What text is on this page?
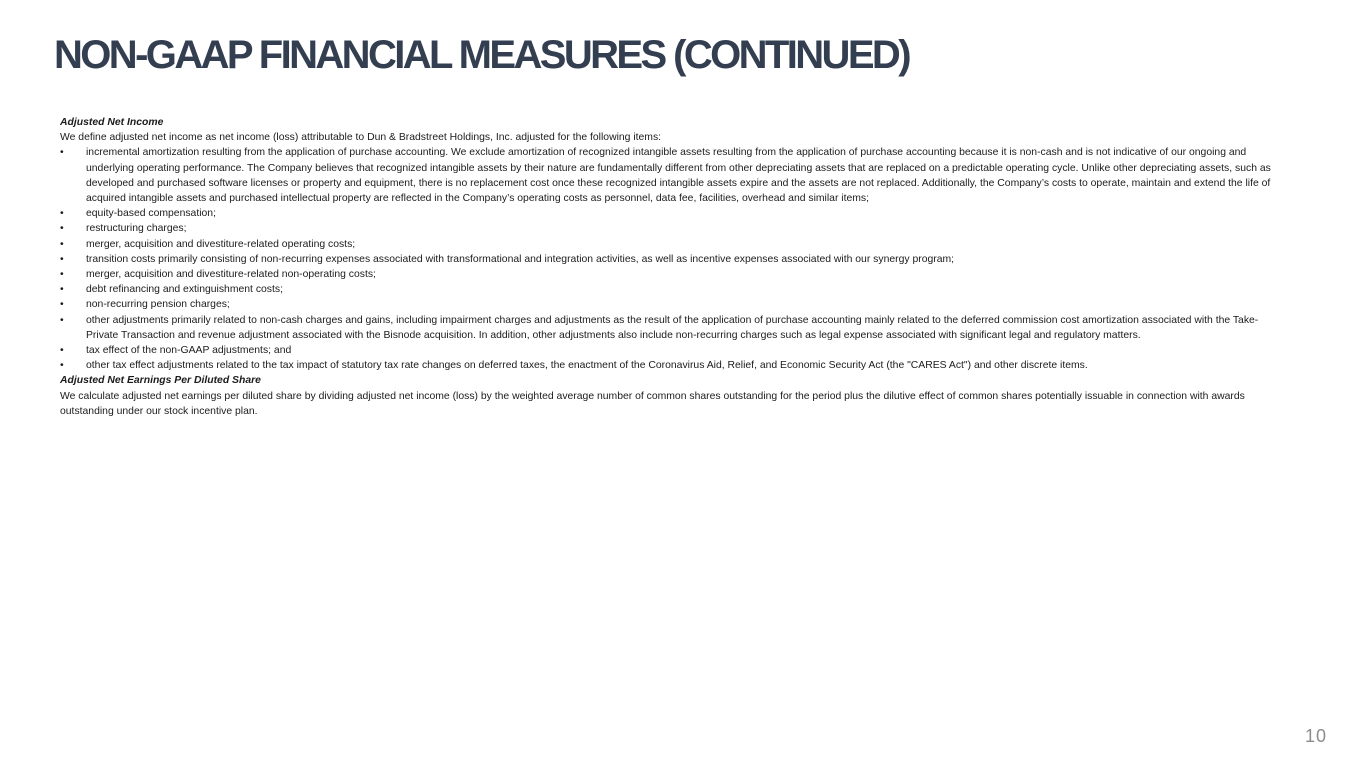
NON-GAAP FINANCIAL MEASURES (CONTINUED)

Adjusted Net Income

We define adjusted net income as net income (loss) attributable to Dun & Bradstreet Holdings, Inc. adjusted for the following items:

• incremental amortization resulting from the application of purchase accounting. We exclude amortization of recognized intangible assets resulting from the application of purchase accounting because it is non-cash and is not indicative of our ongoing and underlying operating performance. The Company believes that recognized intangible assets by their nature are fundamentally different from other depreciating assets that are replaced on a predictable operating cycle. Unlike other depreciating assets, such as developed and purchased software licenses or property and equipment, there is no replacement cost once these recognized intangible assets expire and the assets are not replaced. Additionally, the Company’s costs to operate, maintain and extend the life of acquired intangible assets and purchased intellectual property are reflected in the Company’s operating costs as personnel, data fee, facilities, overhead and similar items;
• equity-based compensation;
• restructuring charges;
• merger, acquisition and divestiture-related operating costs;
• transition costs primarily consisting of non-recurring expenses associated with transformational and integration activities, as well as incentive expenses associated with our synergy program;
• merger, acquisition and divestiture-related non-operating costs;
• debt refinancing and extinguishment costs;
• non-recurring pension charges;
• other adjustments primarily related to non-cash charges and gains, including impairment charges and adjustments as the result of the application of purchase accounting mainly related to the deferred commission cost amortization associated with the Take-Private Transaction and revenue adjustment associated with the Bisnode acquisition. In addition, other adjustments also include non-recurring charges such as legal expense associated with significant legal and regulatory matters.
• tax effect of the non-GAAP adjustments; and
• other tax effect adjustments related to the tax impact of statutory tax rate changes on deferred taxes, the enactment of the Coronavirus Aid, Relief, and Economic Security Act (the "CARES Act") and other discrete items.

Adjusted Net Earnings Per Diluted Share

We calculate adjusted net earnings per diluted share by dividing adjusted net income (loss) by the weighted average number of common shares outstanding for the period plus the dilutive effect of common shares potentially issuable in connection with awards outstanding under our stock incentive plan.

10
